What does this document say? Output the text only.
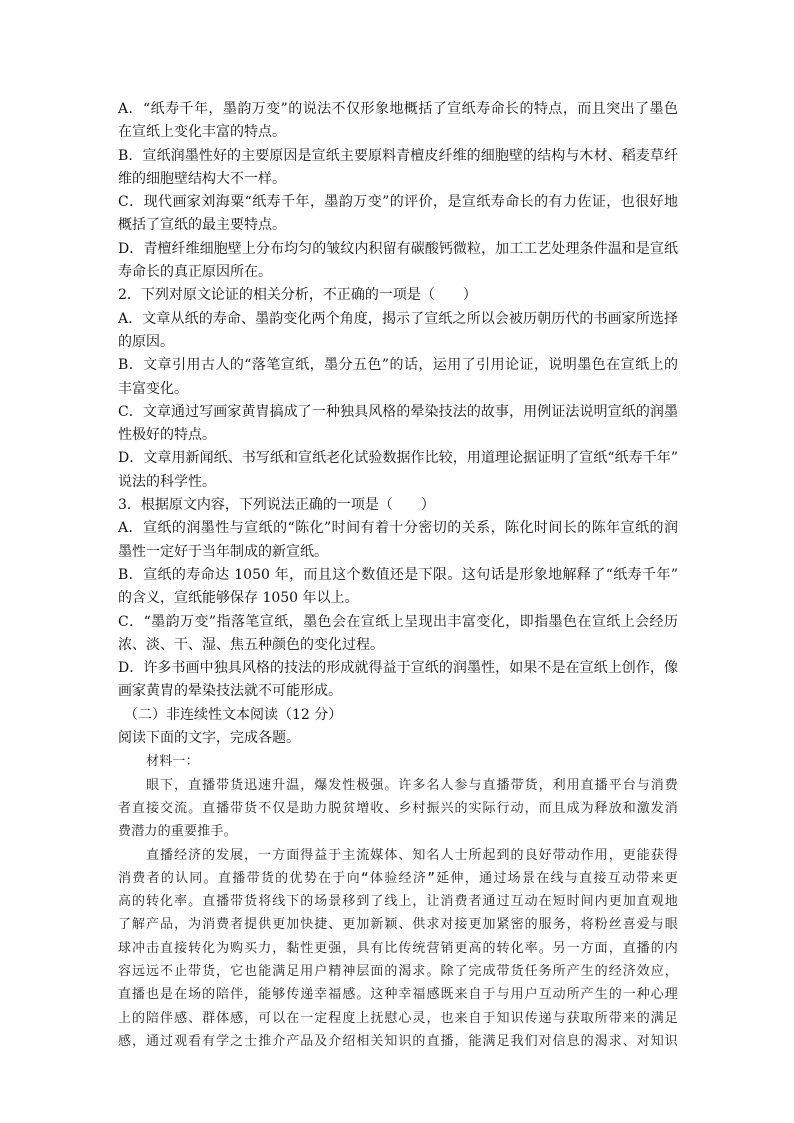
A．“纸寿千年，墨韵万变”的说法不仅形象地概括了宣纸寿命长的特点，而且突出了墨色
在宣纸上变化丰富的特点。
B．宣纸润墨性好的主要原因是宣纸主要原料青檀皮纤维的细胞壁的结构与木材、稻麦草纤
维的细胞壁结构大不一样。
C．现代画家刘海粟“纸寿千年，墨韵万变”的评价，是宣纸寿命长的有力佐证，也很好地
概括了宣纸的最主要特点。
D．青檀纤维细胞壁上分布均匀的皱纹内积留有碳酸钙微粒，加工工艺处理条件温和是宣纸
寿命长的真正原因所在。
2．下列对原文论证的相关分析，不正确的一项是（　　）
A．文章从纸的寿命、墨韵变化两个角度，揭示了宣纸之所以会被历朝历代的书画家所选择
的原因。
B．文章引用古人的“落笔宣纸，墨分五色”的话，运用了引用论证，说明墨色在宣纸上的
丰富变化。
C．文章通过写画家黄胄搞成了一种独具风格的晕染技法的故事，用例证法说明宣纸的润墨
性极好的特点。
D．文章用新闻纸、书写纸和宣纸老化试验数据作比较，用道理论据证明了宣纸“纸寿千年”
说法的科学性。
3．根据原文内容，下列说法正确的一项是（　　）
A．宣纸的润墨性与宣纸的“陈化”时间有着十分密切的关系，陈化时间长的陈年宣纸的润
墨性一定好于当年制成的新宣纸。
B．宣纸的寿命达 1050 年，而且这个数值还是下限。这句话是形象地解释了“纸寿千年”
的含义，宣纸能够保存 1050 年以上。
C．“墨韵万变”指落笔宣纸，墨色会在宣纸上呈现出丰富变化，即指墨色在宣纸上会经历
浓、淡、干、湿、焦五种颜色的变化过程。
D．许多书画中独具风格的技法的形成就得益于宣纸的润墨性，如果不是在宣纸上创作，像
画家黄胄的晕染技法就不可能形成。
（二）非连续性文本阅读（12 分）
阅读下面的文字，完成各题。
材料一：
眼下，直播带货迅速升温，爆发性极强。许多名人参与直播带货，利用直播平台与消费
者直接交流。直播带货不仅是助力脱贫增收、乡村振兴的实际行动，而且成为释放和激发消
费潜力的重要推手。
直播经济的发展，一方面得益于主流媒体、知名人士所起到的良好带动作用，更能获得
消费者的认同。直播带货的优势在于向“体验经济”延伸，通过场景在线与直接互动带来更
高的转化率。直播带货将线下的场景移到了线上，让消费者通过互动在短时间内更加直观地
了解产品，为消费者提供更加快捷、更加新颖、供求对接更加紧密的服务，将粉丝喜爱与眼
球冲击直接转化为购买力，黏性更强，具有比传统营销更高的转化率。另一方面，直播的内
容远远不止带货，它也能满足用户精神层面的渴求。除了完成带货任务所产生的经济效应，
直播也是在场的陪伴，能够传递幸福感。这种幸福感既来自于与用户互动所产生的一种心理
上的陪伴感、群体感，可以在一定程度上抚慰心灵，也来自于知识传递与获取所带来的满足
感，通过观看有学之士推介产品及介绍相关知识的直播，能满足我们对信息的渴求、对知识
